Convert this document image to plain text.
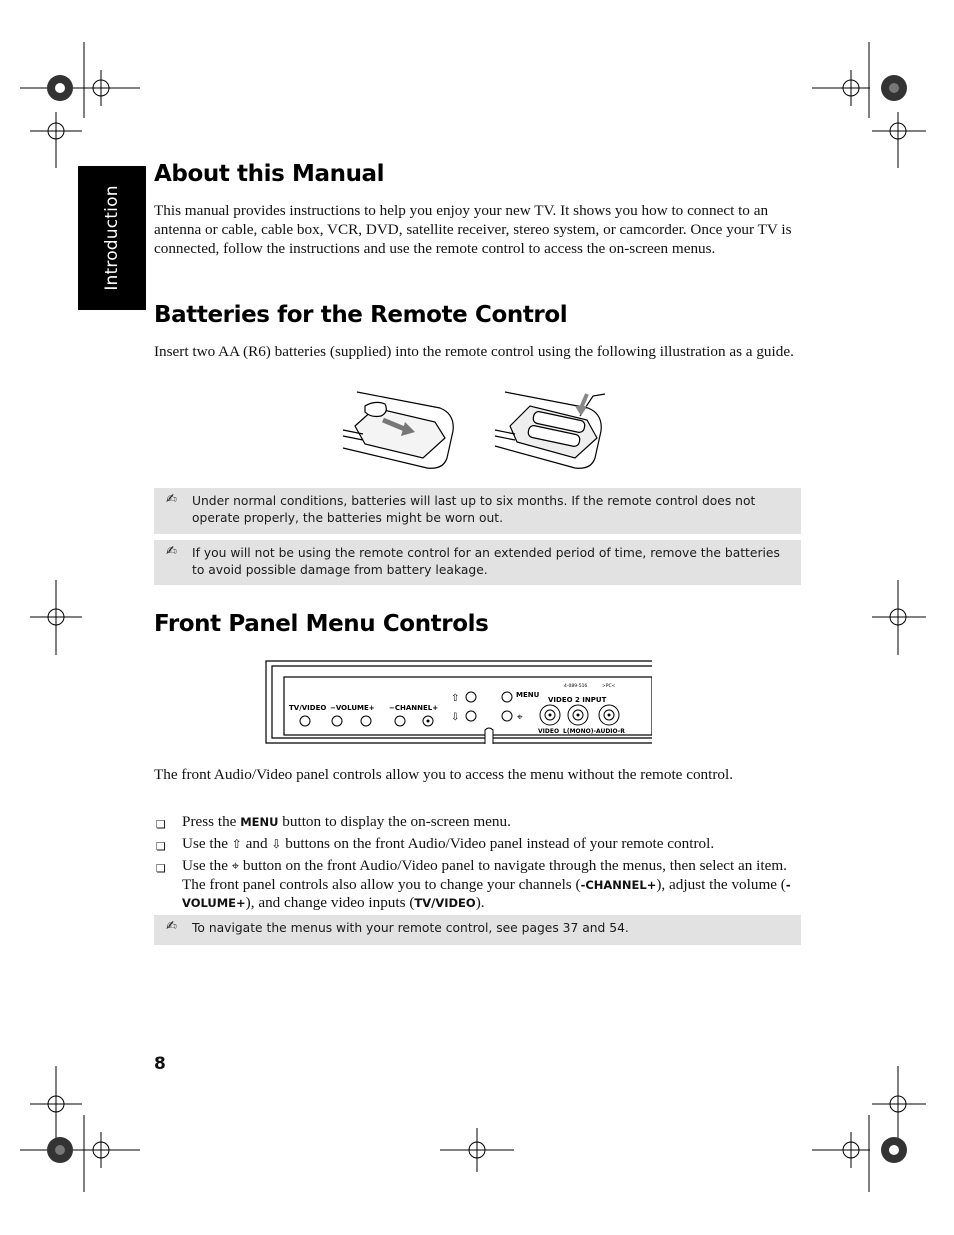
Introduction
About this Manual

This manual provides instructions to help you enjoy your new TV. It shows you how to connect to an antenna or cable, cable box, VCR, DVD, satellite receiver, stereo system, or camcorder. Once your TV is connected, follow the instructions and use the remote control to access the on-screen menus.

Batteries for the Remote Control

Insert two AA (R6) batteries (supplied) into the remote control using the following illustration as a guide.

✍ Under normal conditions, batteries will last up to six months. If the remote control does not operate properly, the batteries might be worn out.
✍ If you will not be using the remote control for an extended period of time, remove the batteries to avoid possible damage from battery leakage.
Front Panel Menu Controls
TV/VIDEO −VOLUME+ −CHANNEL+
MENU
VIDEO 2 INPUT
4-089-516	>PC<
VIDEO L(MONO)-AUDIO-R
⇧
⇩	⌖

The front Audio/Video panel controls allow you to access the menu without the remote control.

❏ Press the MENU button to display the on-screen menu.
❏ Use the ⇧ and ⇩ buttons on the front Audio/Video panel instead of your remote control.
❏ Use the ⌖ button on the front Audio/Video panel to navigate through the menus, then select an item. The front panel controls also allow you to change your channels (-CHANNEL+), adjust the volume (-VOLUME+), and change video inputs (TV/VIDEO).
✍ To navigate the menus with your remote control, see pages 37 and 54.
8
